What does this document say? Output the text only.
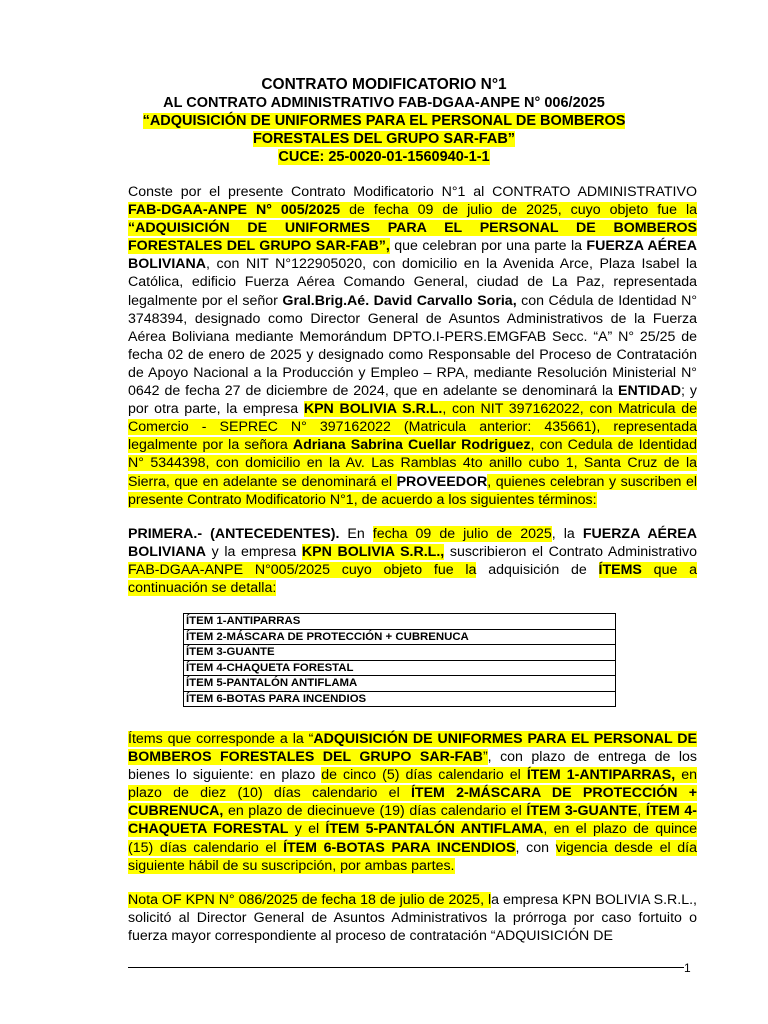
CONTRATO MODIFICATORIO N°1
AL CONTRATO ADMINISTRATIVO FAB-DGAA-ANPE N° 006/2025
“ADQUISICIÓN DE UNIFORMES PARA EL PERSONAL DE BOMBEROS
FORESTALES DEL GRUPO SAR-FAB”
CUCE: 25-0020-01-1560940-1-1
Conste por el presente Contrato Modificatorio N°1 al CONTRATO ADMINISTRATIVO FAB-DGAA-ANPE N° 005/2025 de fecha 09 de julio de 2025, cuyo objeto fue la “ADQUISICIÓN DE UNIFORMES PARA EL PERSONAL DE BOMBEROS FORESTALES DEL GRUPO SAR-FAB”, que celebran por una parte la FUERZA AÉREA BOLIVIANA, con NIT N°122905020, con domicilio en la Avenida Arce, Plaza Isabel la Católica, edificio Fuerza Aérea Comando General, ciudad de La Paz, representada legalmente por el señor Gral.Brig.Aé. David Carvallo Soria, con Cédula de Identidad N° 3748394, designado como Director General de Asuntos Administrativos de la Fuerza Aérea Boliviana mediante Memorándum DPTO.I-PERS.EMGFAB Secc. “A” N° 25/25 de fecha 02 de enero de 2025 y designado como Responsable del Proceso de Contratación de Apoyo Nacional a la Producción y Empleo – RPA, mediante Resolución Ministerial N° 0642 de fecha 27 de diciembre de 2024, que en adelante se denominará la ENTIDAD; y por otra parte, la empresa KPN BOLIVIA S.R.L., con NIT 397162022, con Matricula de Comercio - SEPREC N° 397162022 (Matricula anterior: 435661), representada legalmente por la señora Adriana Sabrina Cuellar Rodriguez, con Cedula de Identidad N° 5344398, con domicilio en la Av. Las Ramblas 4to anillo cubo 1, Santa Cruz de la Sierra, que en adelante se denominará el PROVEEDOR, quienes celebran y suscriben el presente Contrato Modificatorio N°1, de acuerdo a los siguientes términos:
PRIMERA.- (ANTECEDENTES). En fecha 09 de julio de 2025, la FUERZA AÉREA BOLIVIANA y la empresa KPN BOLIVIA S.R.L., suscribieron el Contrato Administrativo FAB-DGAA-ANPE N°005/2025 cuyo objeto fue la adquisición de ÍTEMS que a continuación se detalla:
ÍTEM 1-ANTIPARRAS
ÍTEM 2-MÁSCARA DE PROTECCIÓN + CUBRENUCA
ÍTEM 3-GUANTE
ÍTEM 4-CHAQUETA FORESTAL
ÍTEM 5-PANTALÓN ANTIFLAMA
ÍTEM 6-BOTAS PARA INCENDIOS
Ítems que corresponde a la “ADQUISICIÓN DE UNIFORMES PARA EL PERSONAL DE BOMBEROS FORESTALES DEL GRUPO SAR-FAB”, con plazo de entrega de los bienes lo siguiente: en plazo de cinco (5) días calendario el ÍTEM 1-ANTIPARRAS, en plazo de diez (10) días calendario el ÍTEM 2-MÁSCARA DE PROTECCIÓN + CUBRENUCA, en plazo de diecinueve (19) días calendario el ÍTEM 3-GUANTE, ÍTEM 4-CHAQUETA FORESTAL y el ÍTEM 5-PANTALÓN ANTIFLAMA, en el plazo de quince (15) días calendario el ÍTEM 6-BOTAS PARA INCENDIOS, con vigencia desde el día siguiente hábil de su suscripción, por ambas partes.
Nota OF KPN N° 086/2025 de fecha 18 de julio de 2025, la empresa KPN BOLIVIA S.R.L., solicitó al Director General de Asuntos Administrativos la prórroga por caso fortuito o fuerza mayor correspondiente al proceso de contratación “ADQUISICIÓN DE
1
